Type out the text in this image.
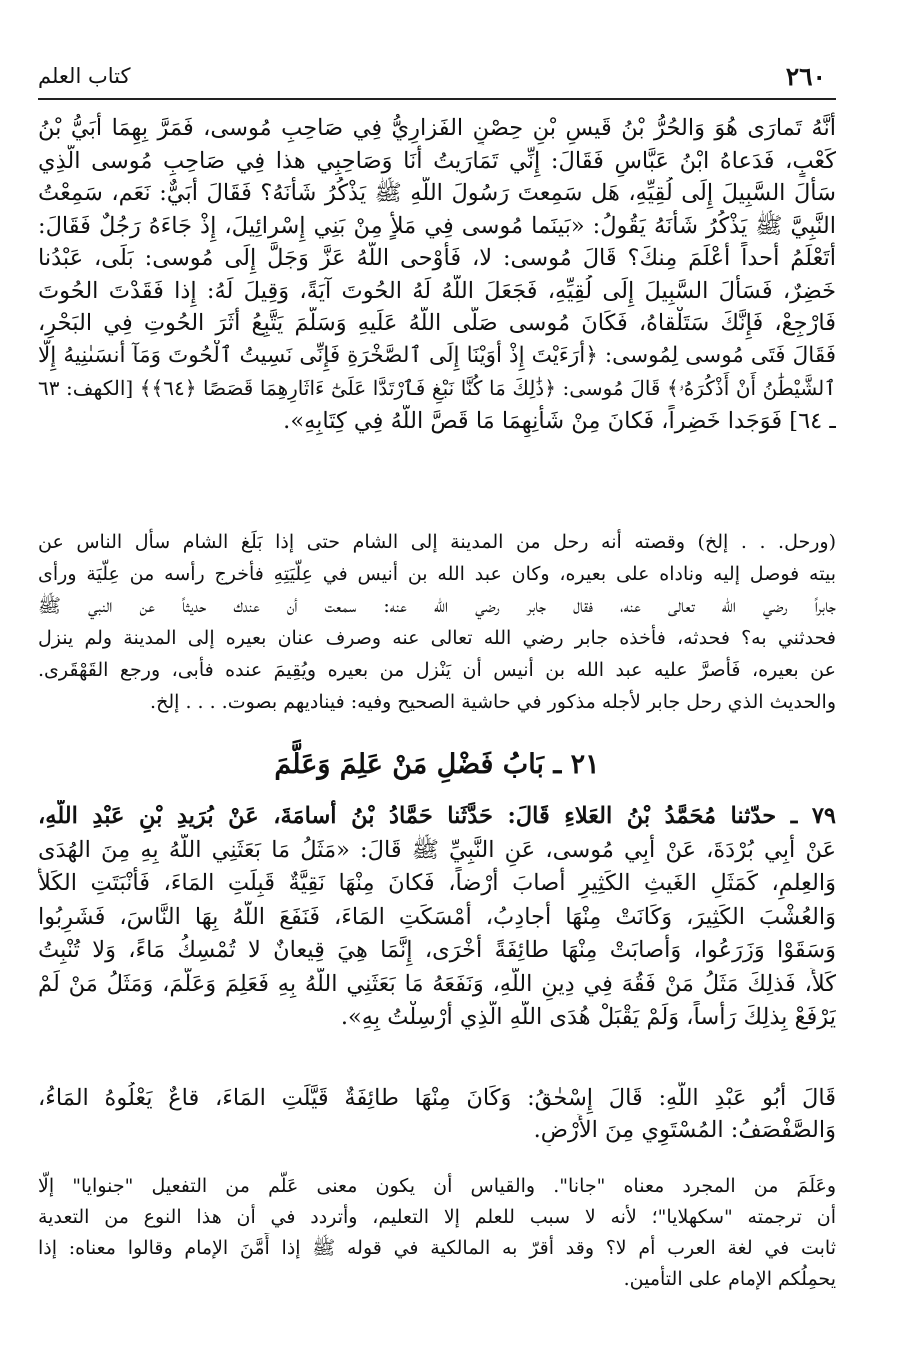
٢٦٠
كتاب العلم
أَنَّهُ تَمارَى هُوَ وَالحُرُّ بْنُ قَيسِ بْنِ حِصْنٍ الفَزارِيُّ فِي صَاحِبِ مُوسى، فَمَرَّ بِهِمَا أُبَيُّ بْنُ
كَعْبٍ، فَدَعاهُ ابْنُ عَبَّاسٍ فَقَالَ: إِنِّي تَمَارَيتُ أَنَا وَصَاحِبِي هذا فِي صَاحِبِ مُوسى الَّذِي
سَأَلَ السَّبِيلَ إِلَى لُقِيِّهِ، هَل سَمِعتَ رَسُولَ اللَّهِ ﷺ يَذْكُرُ شَأْنَهُ؟ فَقَالَ أُبَيٌّ: نَعَم، سَمِعْتُ
النَّبِيَّ ﷺ يَذْكُرُ شَأْنَهُ يَقُولُ: «بَينَما مُوسى فِي مَلأٍ مِنْ بَنِي إِسْرائِيلَ، إِذْ جَاءَهُ رَجُلٌ فَقَالَ:
أَتَعْلَمُ أَحداً أَعْلَمَ مِنكَ؟ قَالَ مُوسى: لا، فَأَوْحى اللَّهُ عَزَّ وَجَلَّ إِلَى مُوسى: بَلَى، عَبْدُنا
خَضِرٌ، فَسَأَلَ السَّبِيلَ إِلَى لُقِيِّهِ، فَجَعَلَ اللَّهُ لَهُ الحُوتَ آيَةً، وَقِيلَ لَهُ: إِذا فَقَدْتَ الحُوتَ
فَارْجِعْ، فَإِنَّكَ سَتَلْقاهُ، فَكَانَ مُوسى صَلَّى اللَّهُ عَلَيهِ وَسَلَّمَ يَتَّبِعُ أَثَرَ الحُوتِ فِي البَحْرِ،
فَقَالَ فَتَى مُوسى لِمُوسى: ﴿أَرَءَيْتَ إِذْ أَوَيْنَا إِلَى ٱلصَّخْرَةِ فَإِنِّى نَسِيتُ ٱلْحُوتَ وَمَآ أَنسَىٰنِيهُ إِلَّا
ٱلشَّيْطَٰنُ أَنْ أَذْكُرَهُۥ﴾ قَالَ مُوسى: ﴿ذَٰلِكَ مَا كُنَّا نَبْغِ فَٱرْتَدَّا عَلَىٰٓ ءَاثَارِهِمَا قَصَصًا ﴿٦٤﴾﴾ [الكهف: ٦٣
ـ ٦٤] فَوَجَدا خَضِراً، فَكانَ مِنْ شَأْنِهِمَا مَا قَصَّ اللَّهُ فِي كِتَابِهِ».
(ورحل. . . إلخ) وقصته أنه رحل من المدينة إلى الشام حتى إذا بَلَغ الشام سأل الناس عن
بيته فوصل إليه وناداه على بعيره، وكان عبد الله بن أنيس في عِلّيَتِهِ فأخرج رأسه من عِلّيَة ورأى
جابراً رضي الله تعالى عنه، فقال جابر رضي الله عنه: سمعت أن عندك حديثاً عن النبي ﷺ
فحدثني به؟ فحدثه، فأخذه جابر رضي الله تعالى عنه وصرف عنان بعيره إلى المدينة ولم ينزل
عن بعيره، فَأصرَّ عليه عبد الله بن أنيس أن يَنْزل من بعيره ويُقِيمَ عنده فأبى، ورجع القَهْقَرى.
والحديث الذي رحل جابر لأجله مذكور في حاشية الصحيح وفيه: فيناديهم بصوت. . . . إلخ.
٢١ ـ بَابُ فَضْلِ مَنْ عَلِمَ وَعَلَّمَ
٧٩ ـ حدّثنا مُحَمَّدُ بْنُ العَلاءِ قَالَ: حَدَّثَنا حَمَّادُ بْنُ أُسامَةَ، عَنْ بُرَيدِ بْنِ عَبْدِ اللَّهِ،
عَنْ أَبِي بُرْدَةَ، عَنْ أَبِي مُوسى، عَنِ النَّبِيِّ ﷺ قَالَ: «مَثَلُ مَا بَعَثَنِي اللَّهُ بِهِ مِنَ الهُدَى
وَالعِلمِ، كَمَثَلِ الغَيثِ الكَثِيرِ أَصابَ أَرْضاً، فَكانَ مِنْهَا نَقِيَّةٌ قَبِلَتِ المَاءَ، فَأَنْبَتَتِ الكَلأَ
وَالعُشْبَ الكَثِيرَ، وَكَانَتْ مِنْهَا أَجادِبُ، أَمْسَكَتِ المَاءَ، فَنَفَعَ اللَّهُ بِهَا النَّاسَ، فَشَرِبُوا
وَسَقَوْا وَزَرَعُوا، وَأَصابَتْ مِنْهَا طائِفَةً أُخْرَى، إِنَّمَا هِيَ قِيعانٌ لا تُمْسِكُ مَاءً، وَلا تُنْبِتُ
كَلأً، فَذلِكَ مَثَلُ مَنْ فَقُهَ فِي دِينِ اللَّهِ، وَنَفَعَهُ مَا بَعَثَنِي اللَّهُ بِهِ فَعَلِمَ وَعَلَّمَ، وَمَثَلُ مَنْ لَمْ
يَرْفَعْ بِذلِكَ رَأْساً، وَلَمْ يَقْبَلْ هُدَى اللَّهِ الَّذِي أُرْسِلْتُ بِهِ».
قَالَ أَبُو عَبْدِ اللَّهِ: قَالَ إِسْحٰقُ: وَكَانَ مِنْهَا طائِفَةٌ قَيَّلَتِ المَاءَ، قاعٌ يَعْلُوهُ المَاءُ،
وَالصَّفْصَفُ: المُسْتَوِي مِنَ الأَرْضِ.
وعَلَمَ من المجرد معناه "جانا". والقياس أن يكون معنى عَلَّم من التفعيل "جنوايا" إلّا
أن ترجمته "سكهلايا"؛ لأنه لا سبب للعلم إلا التعليم، وأتردد في أن هذا النوع من التعدية
ثابت في لغة العرب أم لا؟ وقد أقرّ به المالكية في قوله ﷺ إذا أَمَّنَ الإمام وقالوا معناه: إذا
يحمِلُكم الإمام على التأمين.
